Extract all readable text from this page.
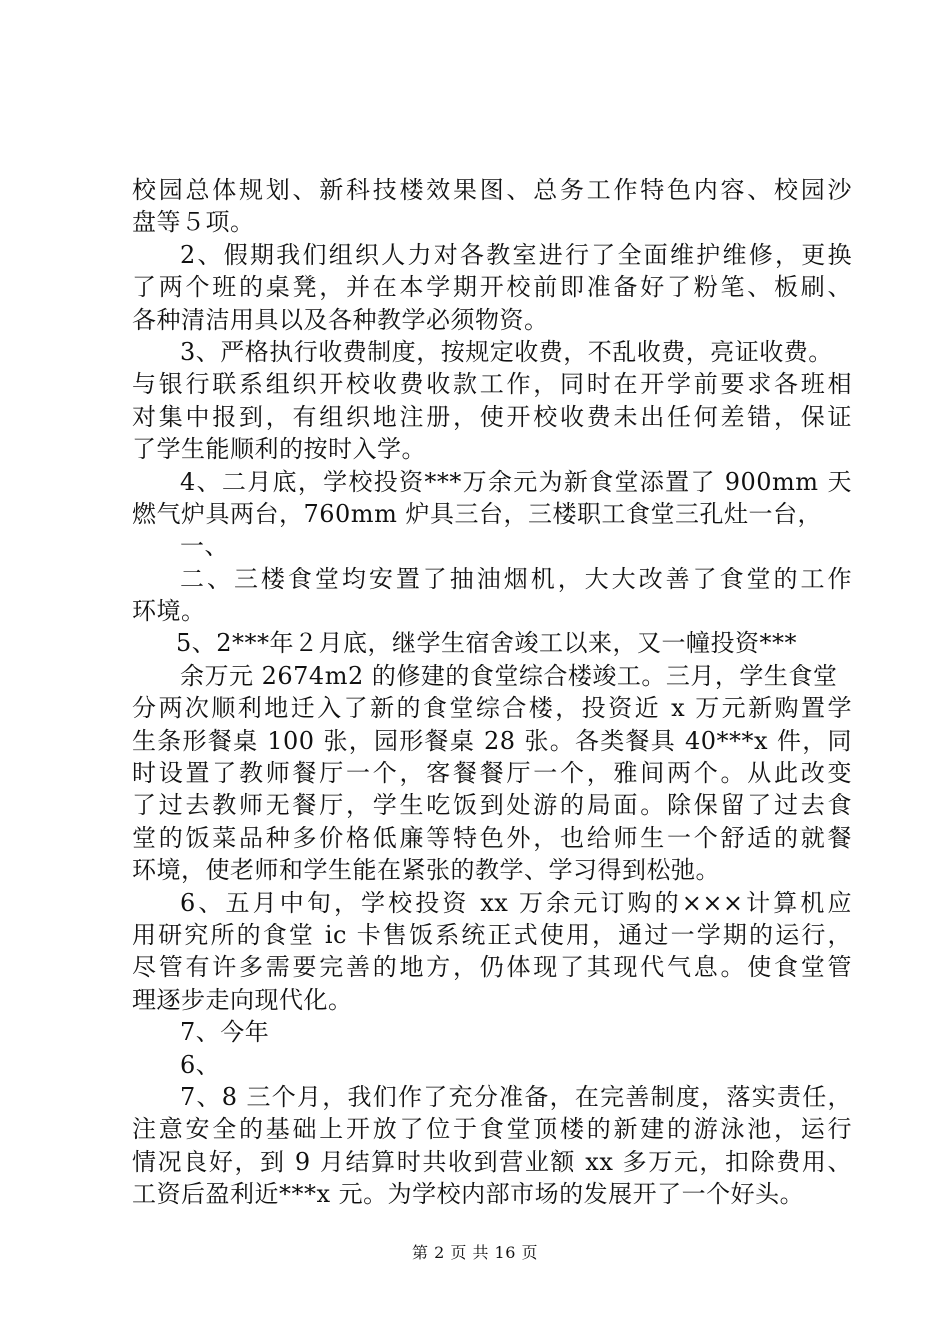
校园总体规划、新科技楼效果图、总务工作特色内容、校园沙
盘等５项。
2、假期我们组织人力对各教室进行了全面维护维修，更换
了两个班的桌凳，并在本学期开校前即准备好了粉笔、板刷、
各种清洁用具以及各种教学必须物资。
3、严格执行收费制度，按规定收费，不乱收费，亮证收费。
与银行联系组织开校收费收款工作，同时在开学前要求各班相
对集中报到，有组织地注册，使开校收费未出任何差错，保证
了学生能顺利的按时入学。
4、二月底，学校投资***万余元为新食堂添置了 900mm 天
燃气炉具两台，760mm 炉具三台，三楼职工食堂三孔灶一台，
一、
二、三楼食堂均安置了抽油烟机，大大改善了食堂的工作
环境。
5、2***年２月底，继学生宿舍竣工以来，又一幢投资***
余万元 2674m2 的修建的食堂综合楼竣工。三月，学生食堂
分两次顺利地迁入了新的食堂综合楼，投资近 x 万元新购置学
生条形餐桌 100 张，园形餐桌 28 张。各类餐具 40***x 件，同
时设置了教师餐厅一个，客餐餐厅一个，雅间两个。从此改变
了过去教师无餐厅，学生吃饭到处游的局面。除保留了过去食
堂的饭菜品种多价格低廉等特色外，也给师生一个舒适的就餐
环境，使老师和学生能在紧张的教学、学习得到松弛。
6、五月中旬，学校投资 xx 万余元订购的×××计算机应
用研究所的食堂 ic 卡售饭系统正式使用，通过一学期的运行，
尽管有许多需要完善的地方，仍体现了其现代气息。使食堂管
理逐步走向现代化。
7、今年
6、
7、8 三个月，我们作了充分准备，在完善制度，落实责任，
注意安全的基础上开放了位于食堂顶楼的新建的游泳池，运行
情况良好，到 9 月结算时共收到营业额 xx 多万元，扣除费用、
工资后盈利近***x 元。为学校内部市场的发展开了一个好头。
第 2 页 共 16 页
